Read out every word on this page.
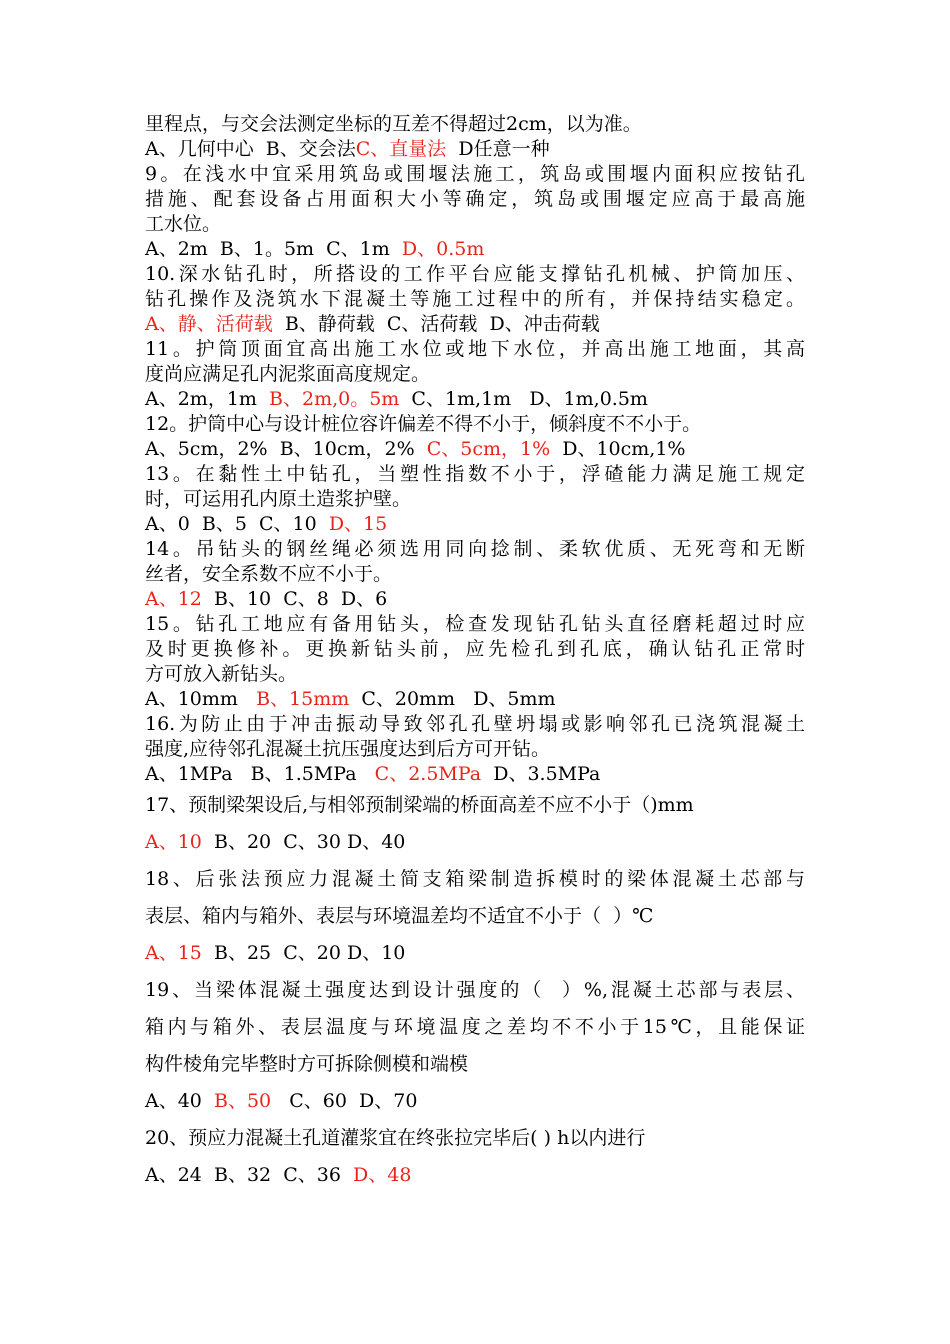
里程点，与交会法测定坐标的互差不得超过2cm，以为准。
A、几何中心  B、交会法C、直量法  D任意一种
9。在浅水中宜采用筑岛或围堰法施工，筑岛或围堰内面积应按钻孔
措施、配套设备占用面积大小等确定，筑岛或围堰定应高于最高施
工水位。
A、2m  B、1。5m  C、1m  D、0.5m
10.深水钻孔时，所搭设的工作平台应能支撑钻孔机械、护筒加压、
钻孔操作及浇筑水下混凝土等施工过程中的所有，并保持结实稳定。
A、静、活荷载  B、静荷载  C、活荷载  D、冲击荷载
11。护筒顶面宜高出施工水位或地下水位，并高出施工地面，其高
度尚应满足孔内泥浆面高度规定。
A、2m，1m  B、2m,0。5m  C、1m,1m   D、1m,0.5m
12。护筒中心与设计桩位容许偏差不得不小于，倾斜度不不小于。
A、5cm，2%  B、10cm，2%  C、5cm，1%  D、10cm,1%
13。在黏性土中钻孔，当塑性指数不小于，浮碴能力满足施工规定
时，可运用孔内原土造浆护壁。
A、0  B、5  C、10  D、15
14。吊钻头的钢丝绳必须选用同向捻制、柔软优质、无死弯和无断
丝者，安全系数不应不小于。
A、12  B、10  C、8  D、6
15。钻孔工地应有备用钻头，检查发现钻孔钻头直径磨耗超过时应
及时更换修补。更换新钻头前，应先检孔到孔底，确认钻孔正常时
方可放入新钻头。
A、10mm   B、15mm  C、20mm   D、5mm
16.为防止由于冲击振动导致邻孔孔壁坍塌或影响邻孔已浇筑混凝土
强度,应待邻孔混凝土抗压强度达到后方可开钻。
A、1MPa   B、1.5MPa   C、2.5MPa  D、3.5MPa
17、预制梁架设后,与相邻预制梁端的桥面高差不应不小于（)mm
A、10  B、20  C、30 D、40
18、后张法预应力混凝土简支箱梁制造拆模时的梁体混凝土芯部与
表层、箱内与箱外、表层与环境温差均不适宜不小于（  ）℃
A、15  B、25  C、20 D、10
19、当梁体混凝土强度达到设计强度的（  ）%,混凝土芯部与表层、
箱内与箱外、表层温度与环境温度之差均不不小于15℃，且能保证
构件棱角完毕整时方可拆除侧模和端模
A、40  B、50   C、60  D、70
20、预应力混凝土孔道灌浆宜在终张拉完毕后( ) h以内进行
A、24  B、32  C、36  D、48
